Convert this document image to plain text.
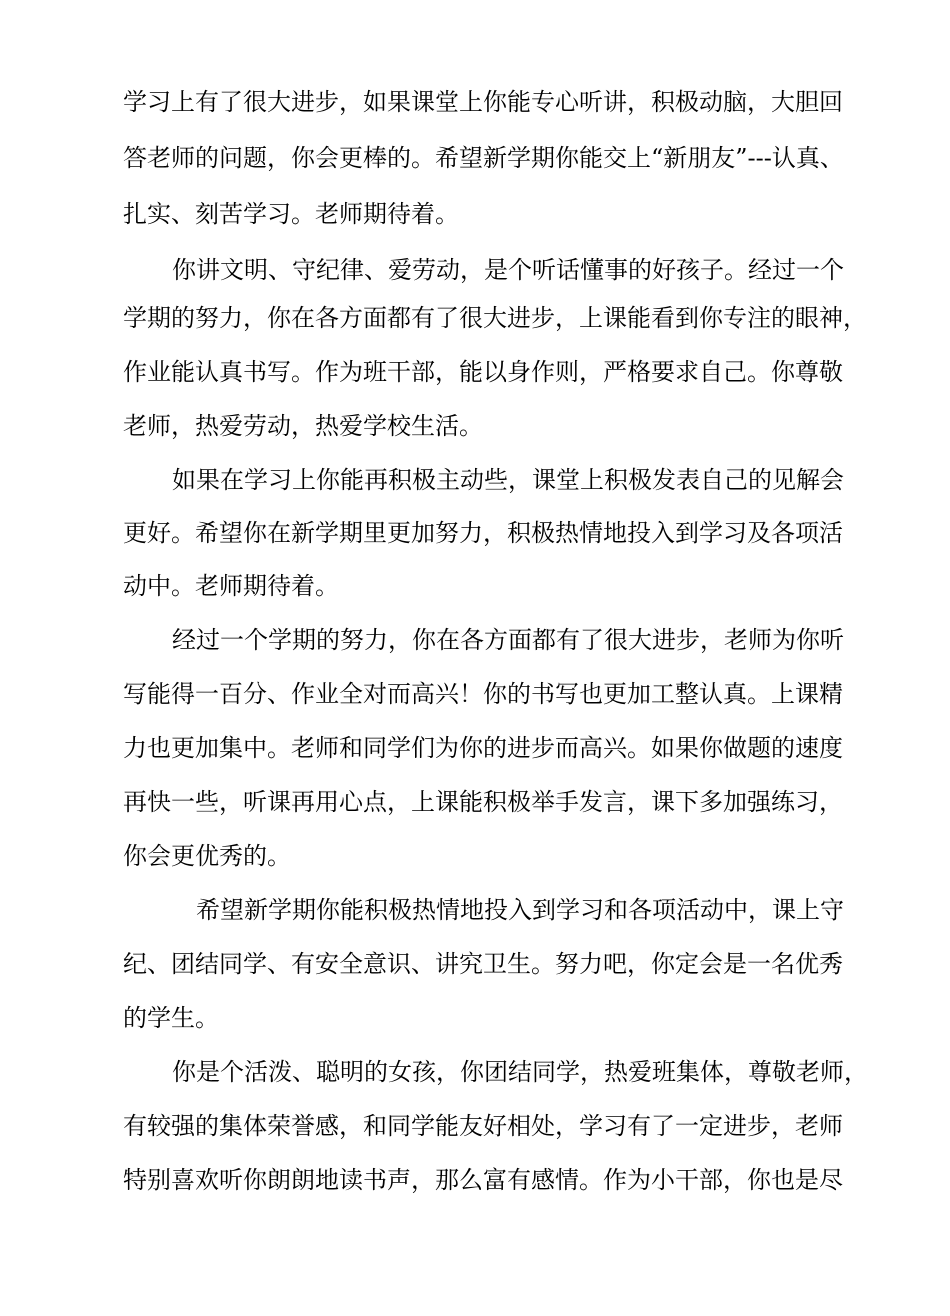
学习上有了很大进步，如果课堂上你能专心听讲，积极动脑，大胆回
答老师的问题，你会更棒的。希望新学期你能交上“新朋友”---认真、
扎实、刻苦学习。老师期待着。
你讲文明、守纪律、爱劳动，是个听话懂事的好孩子。经过一个
学期的努力，你在各方面都有了很大进步，上课能看到你专注的眼神，
作业能认真书写。作为班干部，能以身作则，严格要求自己。你尊敬
老师，热爱劳动，热爱学校生活。
如果在学习上你能再积极主动些，课堂上积极发表自己的见解会
更好。希望你在新学期里更加努力，积极热情地投入到学习及各项活
动中。老师期待着。
经过一个学期的努力，你在各方面都有了很大进步，老师为你听
写能得一百分、作业全对而高兴！你的书写也更加工整认真。上课精
力也更加集中。老师和同学们为你的进步而高兴。如果你做题的速度
再快一些，听课再用心点，上课能积极举手发言，课下多加强练习，
你会更优秀的。
希望新学期你能积极热情地投入到学习和各项活动中，课上守
纪、团结同学、有安全意识、讲究卫生。努力吧，你定会是一名优秀
的学生。
你是个活泼、聪明的女孩，你团结同学，热爱班集体，尊敬老师，
有较强的集体荣誉感，和同学能友好相处，学习有了一定进步，老师
特别喜欢听你朗朗地读书声，那么富有感情。作为小干部，你也是尽
